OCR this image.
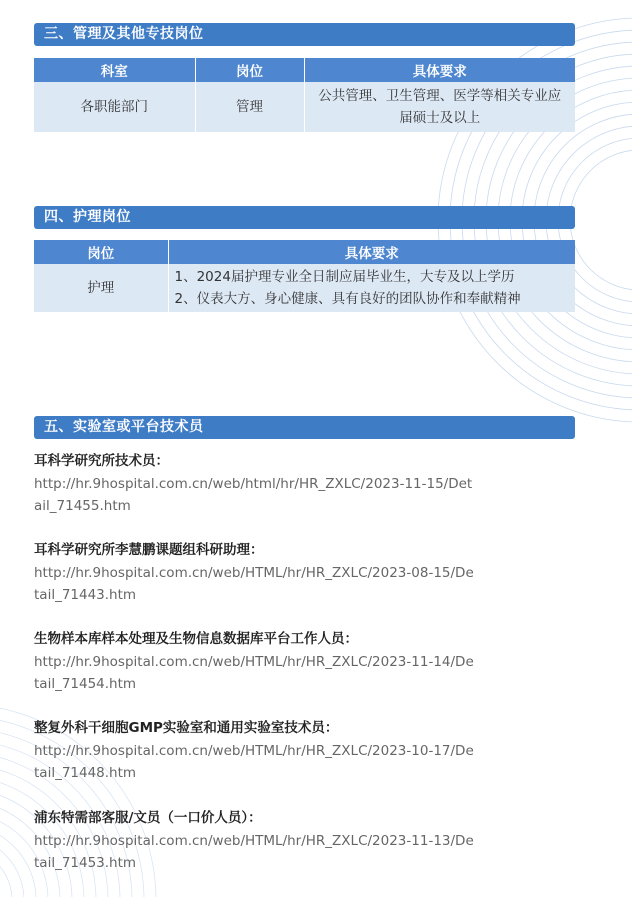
三、管理及其他专技岗位
科室	岗位	具体要求
各职能部门	管理	公共管理、卫生管理、医学等相关专业应届硕士及以上
四、护理岗位
岗位	具体要求
护理	1、2024届护理专业全日制应届毕业生，大专及以上学历
2、仪表大方、身心健康、具有良好的团队协作和奉献精神
五、实验室或平台技术员
耳科学研究所技术员：
http://hr.9hospital.com.cn/web/html/hr/HR_ZXLC/2023-11-15/Detail_71455.htm
耳科学研究所李慧鹏课题组科研助理：
http://hr.9hospital.com.cn/web/HTML/hr/HR_ZXLC/2023-08-15/Detail_71443.htm
生物样本库样本处理及生物信息数据库平台工作人员：
http://hr.9hospital.com.cn/web/HTML/hr/HR_ZXLC/2023-11-14/Detail_71454.htm
整复外科干细胞GMP实验室和通用实验室技术员：
http://hr.9hospital.com.cn/web/HTML/hr/HR_ZXLC/2023-10-17/Detail_71448.htm
浦东特需部客服/文员（一口价人员）：
http://hr.9hospital.com.cn/web/HTML/hr/HR_ZXLC/2023-11-13/Detail_71453.htm
